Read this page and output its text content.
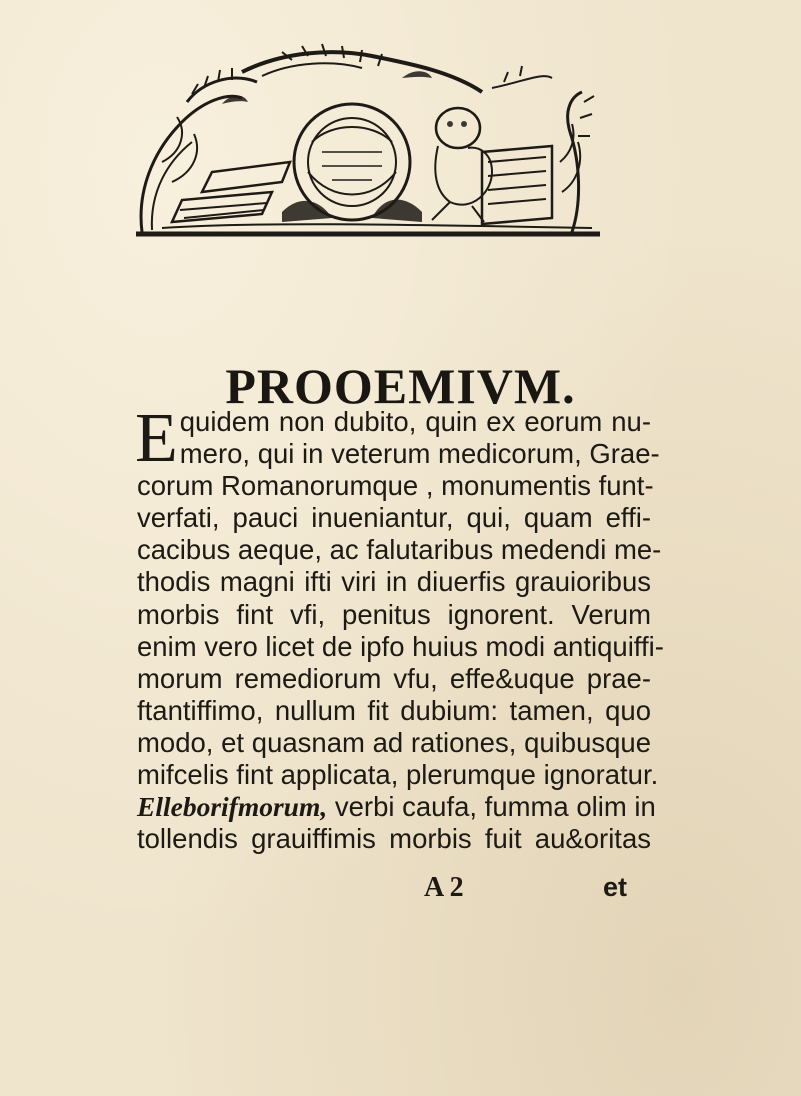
PROOEMIVM.
E quidem non dubito, quin ex eorum nu-
mero, qui in veterum medicorum, Grae-
corum Romanorumque , monumentis funt-
verfati, pauci inueniantur, qui, quam effi-
cacibus aeque, ac falutaribus medendi me-
thodis magni ifti viri in diuerfis grauioribus
morbis fint vfi, penitus ignorent. Verum
enim vero licet de ipfo huius modi antiquiffi-
morum remediorum vfu, effe&uque prae-
ftantiffimo, nullum fit dubium: tamen, quo
modo, et quasnam ad rationes, quibusque
mifcelis fint applicata, plerumque ignoratur.
Elleborifmorum, verbi caufa, fumma olim in
tollendis grauiffimis morbis fuit au&oritas
A 2	et
